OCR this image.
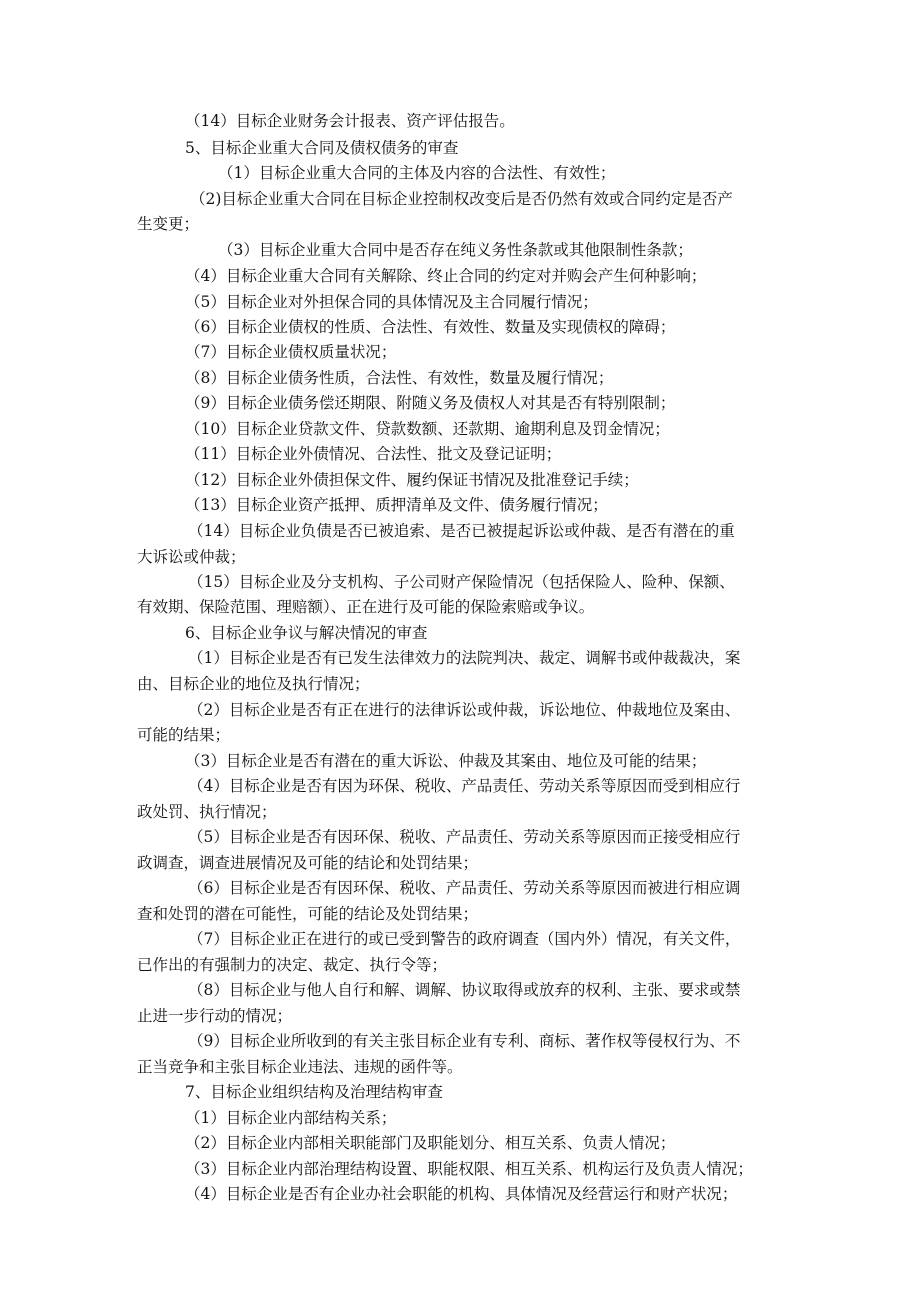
（14）目标企业财务会计报表、资产评估报告。
5、目标企业重大合同及债权债务的审查
（1）目标企业重大合同的主体及内容的合法性、有效性；
（2)目标企业重大合同在目标企业控制权改变后是否仍然有效或合同约定是否产
生变更；
（3）目标企业重大合同中是否存在纯义务性条款或其他限制性条款；
（4）目标企业重大合同有关解除、终止合同的约定对并购会产生何种影响；
（5）目标企业对外担保合同的具体情况及主合同履行情况；
（6）目标企业债权的性质、合法性、有效性、数量及实现债权的障碍；
（7）目标企业债权质量状况；
（8）目标企业债务性质，合法性、有效性，数量及履行情况；
（9）目标企业债务偿还期限、附随义务及债权人对其是否有特别限制；
（10）目标企业贷款文件、贷款数额、还款期、逾期利息及罚金情况；
（11）目标企业外债情况、合法性、批文及登记证明；
（12）目标企业外债担保文件、履约保证书情况及批准登记手续；
（13）目标企业资产抵押、质押清单及文件、债务履行情况；
（14）目标企业负债是否已被追索、是否已被提起诉讼或仲裁、是否有潜在的重
大诉讼或仲裁；
（15）目标企业及分支机构、子公司财产保险情况（包括保险人、险种、保额、
有效期、保险范围、理赔额）、正在进行及可能的保险索赔或争议。
6、目标企业争议与解决情况的审查
（1）目标企业是否有已发生法律效力的法院判决、裁定、调解书或仲裁裁决，案
由、目标企业的地位及执行情况；
（2）目标企业是否有正在进行的法律诉讼或仲裁，诉讼地位、仲裁地位及案由、
可能的结果；
（3）目标企业是否有潜在的重大诉讼、仲裁及其案由、地位及可能的结果；
（4）目标企业是否有因为环保、税收、产品责任、劳动关系等原因而受到相应行
政处罚、执行情况；
（5）目标企业是否有因环保、税收、产品责任、劳动关系等原因而正接受相应行
政调查，调查进展情况及可能的结论和处罚结果；
（6）目标企业是否有因环保、税收、产品责任、劳动关系等原因而被进行相应调
查和处罚的潜在可能性，可能的结论及处罚结果；
（7）目标企业正在进行的或已受到警告的政府调查（国内外）情况，有关文件，
已作出的有强制力的决定、裁定、执行令等；
（8）目标企业与他人自行和解、调解、协议取得或放弃的权利、主张、要求或禁
止进一步行动的情况；
（9）目标企业所收到的有关主张目标企业有专利、商标、著作权等侵权行为、不
正当竞争和主张目标企业违法、违规的函件等。
7、目标企业组织结构及治理结构审查
（1）目标企业内部结构关系；
（2）目标企业内部相关职能部门及职能划分、相互关系、负责人情况；
（3）目标企业内部治理结构设置、职能权限、相互关系、机构运行及负责人情况；
（4）目标企业是否有企业办社会职能的机构、具体情况及经营运行和财产状况；
